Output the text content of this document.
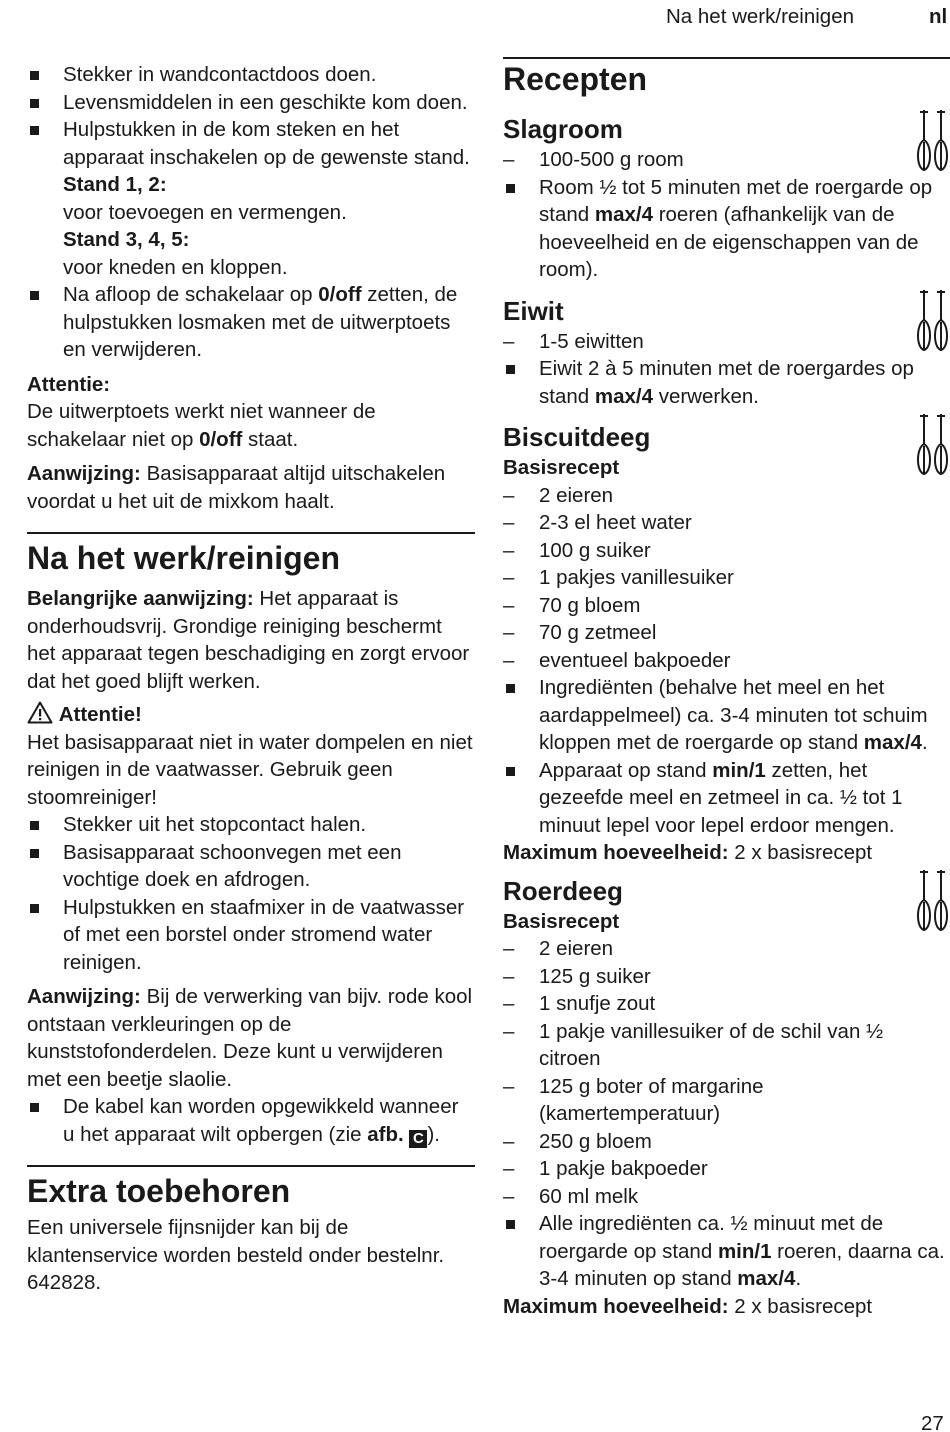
Na het werk/reinigen	nl
Stekker in wandcontactdoos doen.
Levensmiddelen in een geschikte kom doen.
Hulpstukken in de kom steken en het apparaat inschakelen op de gewenste stand.
Stand 1, 2:
voor toevoegen en vermengen.
Stand 3, 4, 5:
voor kneden en kloppen.
Na afloop de schakelaar op 0/off zetten, de hulpstukken losmaken met de uitwerptoets en verwijderen.
Attentie:
De uitwerptoets werkt niet wanneer de schakelaar niet op 0/off staat.
Aanwijzing: Basisapparaat altijd uitschakelen voordat u het uit de mixkom haalt.
Na het werk/reinigen
Belangrijke aanwijzing: Het apparaat is onderhoudsvrij. Grondige reiniging beschermt het apparaat tegen beschadiging en zorgt ervoor dat het goed blijft werken.
Attentie!
Het basisapparaat niet in water dompelen en niet reinigen in de vaatwasser. Gebruik geen stoomreiniger!
Stekker uit het stopcontact halen.
Basisapparaat schoonvegen met een vochtige doek en afdrogen.
Hulpstukken en staafmixer in de vaatwasser of met een borstel onder stromend water reinigen.
Aanwijzing: Bij de verwerking van bijv. rode kool ontstaan verkleuringen op de kunststofonderdelen. Deze kunt u verwijderen met een beetje slaolie.
De kabel kan worden opgewikkeld wanneer u het apparaat wilt opbergen (zie afb. C ).
Extra toebehoren
Een universele fijnsnijder kan bij de klantenservice worden besteld onder bestelnr. 642828.
Recepten
Slagroom
– 100-500 g room
Room ½ tot 5 minuten met de roergarde op stand max/4 roeren (afhankelijk van de hoeveelheid en de eigenschappen van de room).
Eiwit
– 1-5 eiwitten
Eiwit 2 à 5 minuten met de roergardes op stand max/4 verwerken.
Biscuitdeeg
Basisrecept
– 2 eieren
– 2-3 el heet water
– 100 g suiker
– 1 pakjes vanillesuiker
– 70 g bloem
– 70 g zetmeel
– eventueel bakpoeder
Ingrediënten (behalve het meel en het aardappelmeel) ca. 3-4 minuten tot schuim kloppen met de roergarde op stand max/4.
Apparaat op stand min/1 zetten, het gezeefde meel en zetmeel in ca. ½ tot 1 minuut lepel voor lepel erdoor mengen.
Maximum hoeveelheid: 2 x basisrecept
Roerdeeg
Basisrecept
– 2 eieren
– 125 g suiker
– 1 snufje zout
– 1 pakje vanillesuiker of de schil van ½ citroen
– 125 g boter of margarine (kamertemperatuur)
– 250 g bloem
– 1 pakje bakpoeder
– 60 ml melk
Alle ingrediënten ca. ½ minuut met de roergarde op stand min/1 roeren, daarna ca. 3-4 minuten op stand max/4.
Maximum hoeveelheid: 2 x basisrecept
27
